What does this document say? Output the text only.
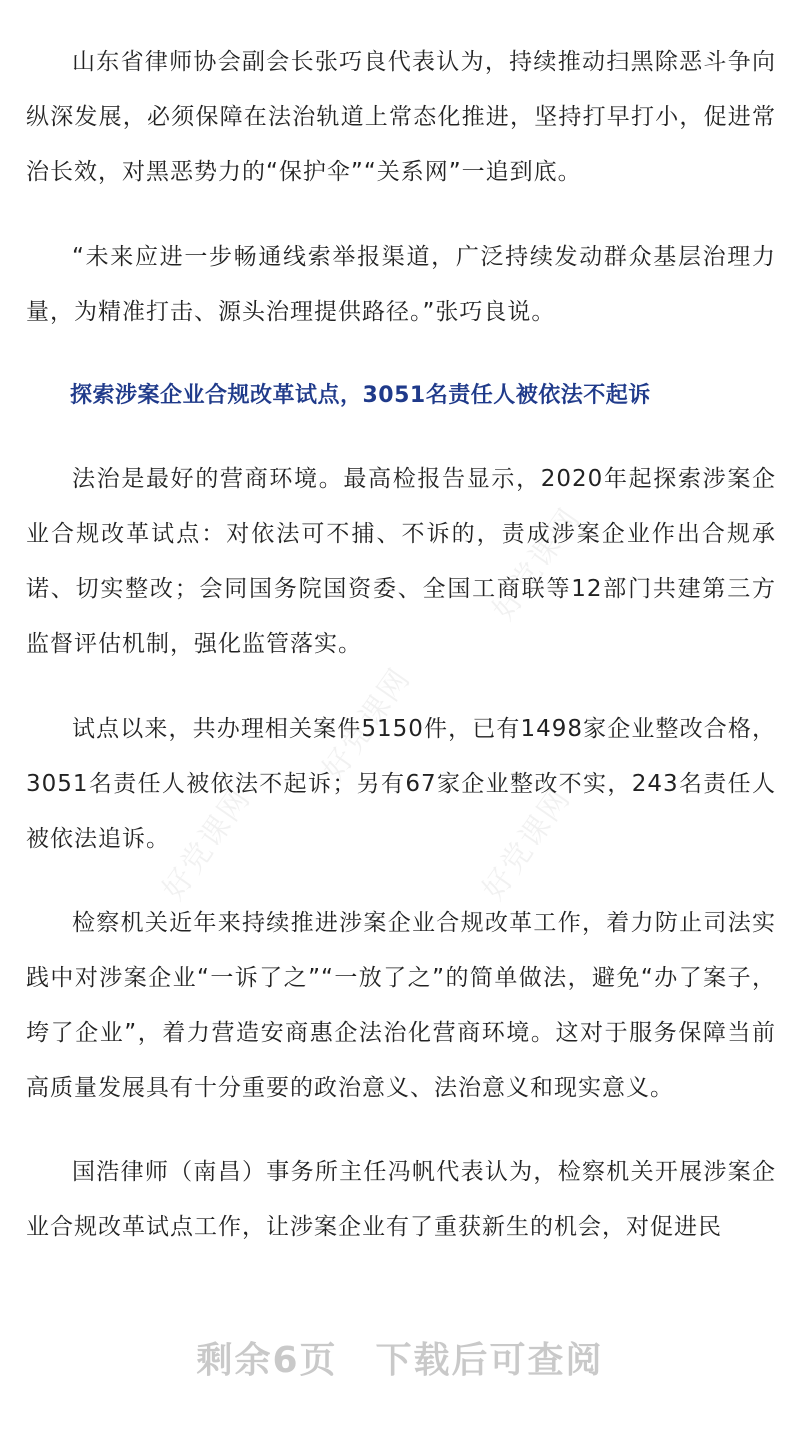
山东省律师协会副会长张巧良代表认为，持续推动扫黑除恶斗争向纵深发展，必须保障在法治轨道上常态化推进，坚持打早打小，促进常治长效，对黑恶势力的“保护伞”“关系网”一追到底。

“未来应进一步畅通线索举报渠道，广泛持续发动群众基层治理力量，为精准打击、源头治理提供路径。”张巧良说。

探索涉案企业合规改革试点，3051名责任人被依法不起诉

法治是最好的营商环境。最高检报告显示，2020年起探索涉案企业合规改革试点：对依法可不捕、不诉的，责成涉案企业作出合规承诺、切实整改；会同国务院国资委、全国工商联等12部门共建第三方监督评估机制，强化监管落实。

试点以来，共办理相关案件5150件，已有1498家企业整改合格，3051名责任人被依法不起诉；另有67家企业整改不实，243名责任人被依法追诉。

检察机关近年来持续推进涉案企业合规改革工作，着力防止司法实践中对涉案企业“一诉了之”“一放了之”的简单做法，避免“办了案子，垮了企业”，着力营造安商惠企法治化营商环境。这对于服务保障当前高质量发展具有十分重要的政治意义、法治意义和现实意义。

国浩律师（南昌）事务所主任冯帆代表认为，检察机关开展涉案企业合规改革试点工作，让涉案企业有了重获新生的机会，对促进民

好党课网
好党课网
好党课网	好党课网
剩余6页　下载后可查阅
